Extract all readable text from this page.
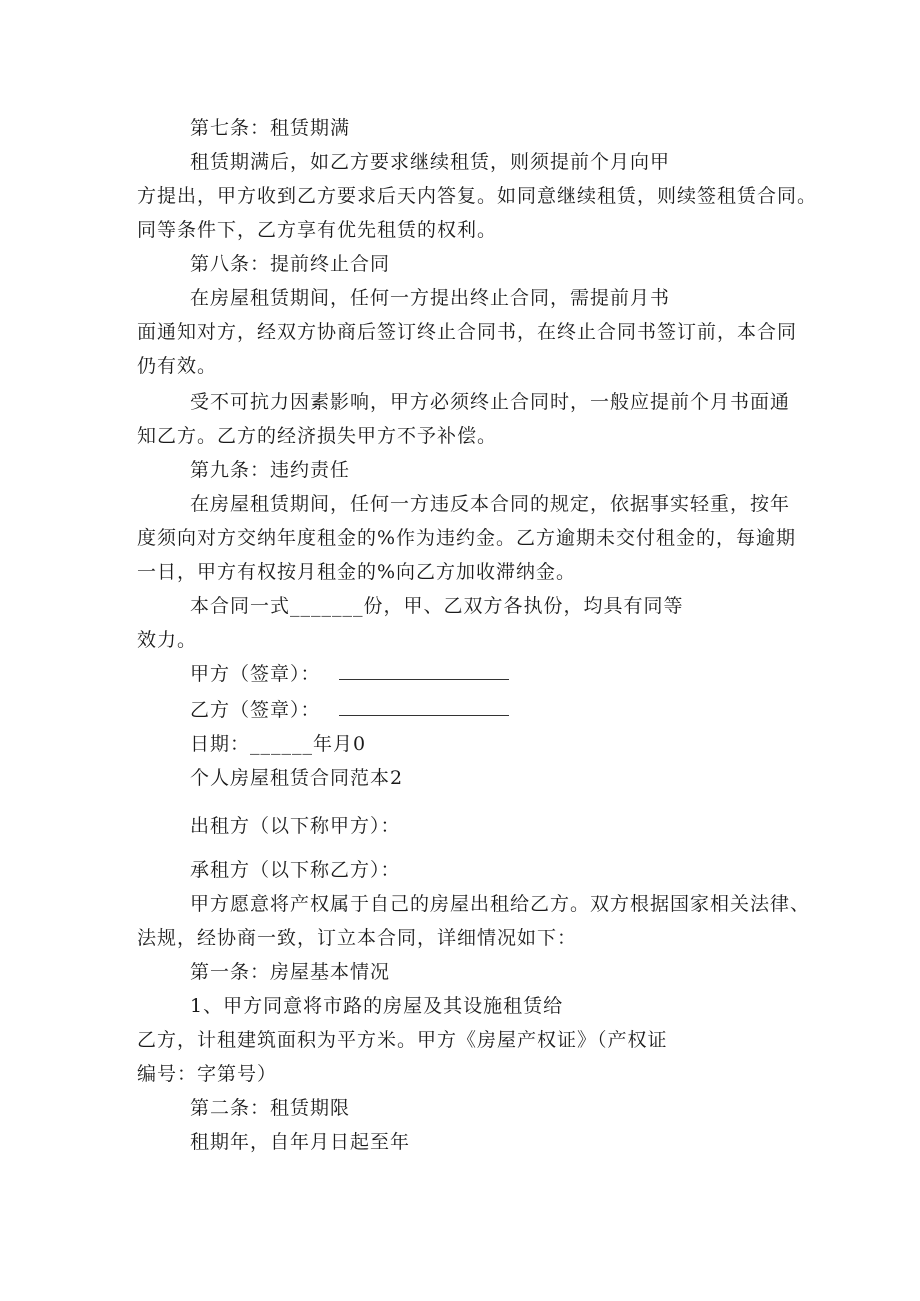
第七条：租赁期满
租赁期满后，如乙方要求继续租赁，则须提前个月向甲
方提出，甲方收到乙方要求后天内答复。如同意继续租赁，则续签租赁合同。
同等条件下，乙方享有优先租赁的权利。
第八条：提前终止合同
在房屋租赁期间，任何一方提出终止合同，需提前月书
面通知对方，经双方协商后签订终止合同书，在终止合同书签订前，本合同
仍有效。
受不可抗力因素影响，甲方必须终止合同时，一般应提前个月书面通
知乙方。乙方的经济损失甲方不予补偿。
第九条：违约责任
在房屋租赁期间，任何一方违反本合同的规定，依据事实轻重，按年
度须向对方交纳年度租金的%作为违约金。乙方逾期未交付租金的，每逾期
一日，甲方有权按月租金的%向乙方加收滞纳金。
本合同一式_______份，甲、乙双方各执份，均具有同等
效力。
甲方（签章）：
乙方（签章）：
日期：______年月0
个人房屋租赁合同范本2
出租方（以下称甲方）：
承租方（以下称乙方）：
甲方愿意将产权属于自己的房屋出租给乙方。双方根据国家相关法律、
法规，经协商一致，订立本合同，详细情况如下：
第一条：房屋基本情况
1、甲方同意将市路的房屋及其设施租赁给
乙方，计租建筑面积为平方米。甲方《房屋产权证》（产权证
编号：字第号）
第二条：租赁期限
租期年，自年月日起至年
